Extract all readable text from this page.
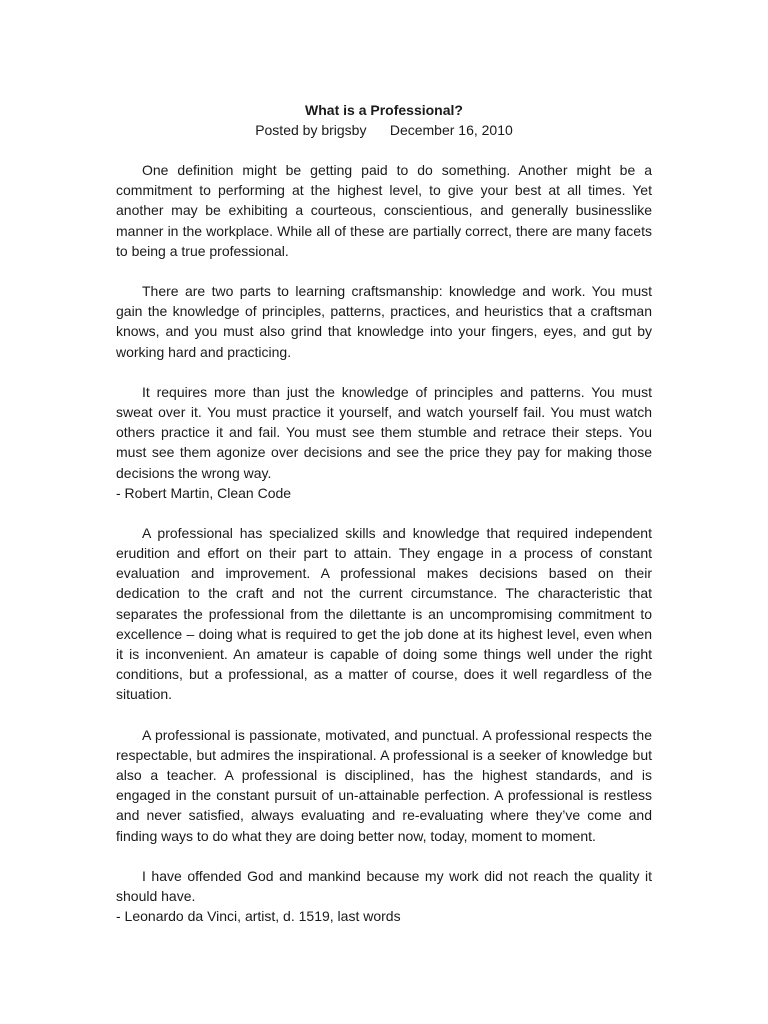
What is a Professional?
Posted by brigsby December 16, 2010

One definition might be getting paid to do something. Another might be a commitment to performing at the highest level, to give your best at all times. Yet another may be exhibiting a courteous, conscientious, and generally businesslike manner in the workplace. While all of these are partially correct, there are many facets to being a true professional.

There are two parts to learning craftsmanship: knowledge and work. You must gain the knowledge of principles, patterns, practices, and heuristics that a craftsman knows, and you must also grind that knowledge into your fingers, eyes, and gut by working hard and practicing.

It requires more than just the knowledge of principles and patterns. You must sweat over it. You must practice it yourself, and watch yourself fail. You must watch others practice it and fail. You must see them stumble and retrace their steps. You must see them agonize over decisions and see the price they pay for making those decisions the wrong way.

- Robert Martin, Clean Code

A professional has specialized skills and knowledge that required independent erudition and effort on their part to attain. They engage in a process of constant evaluation and improvement. A professional makes decisions based on their dedication to the craft and not the current circumstance. The characteristic that separates the professional from the dilettante is an uncompromising commitment to excellence – doing what is required to get the job done at its highest level, even when it is inconvenient. An amateur is capable of doing some things well under the right conditions, but a professional, as a matter of course, does it well regardless of the situation.

A professional is passionate, motivated, and punctual. A professional respects the respectable, but admires the inspirational. A professional is a seeker of knowledge but also a teacher. A professional is disciplined, has the highest standards, and is engaged in the constant pursuit of un-attainable perfection. A professional is restless and never satisfied, always evaluating and re-evaluating where they’ve come and finding ways to do what they are doing better now, today, moment to moment.

I have offended God and mankind because my work did not reach the quality it should have.

- Leonardo da Vinci, artist, d. 1519, last words
